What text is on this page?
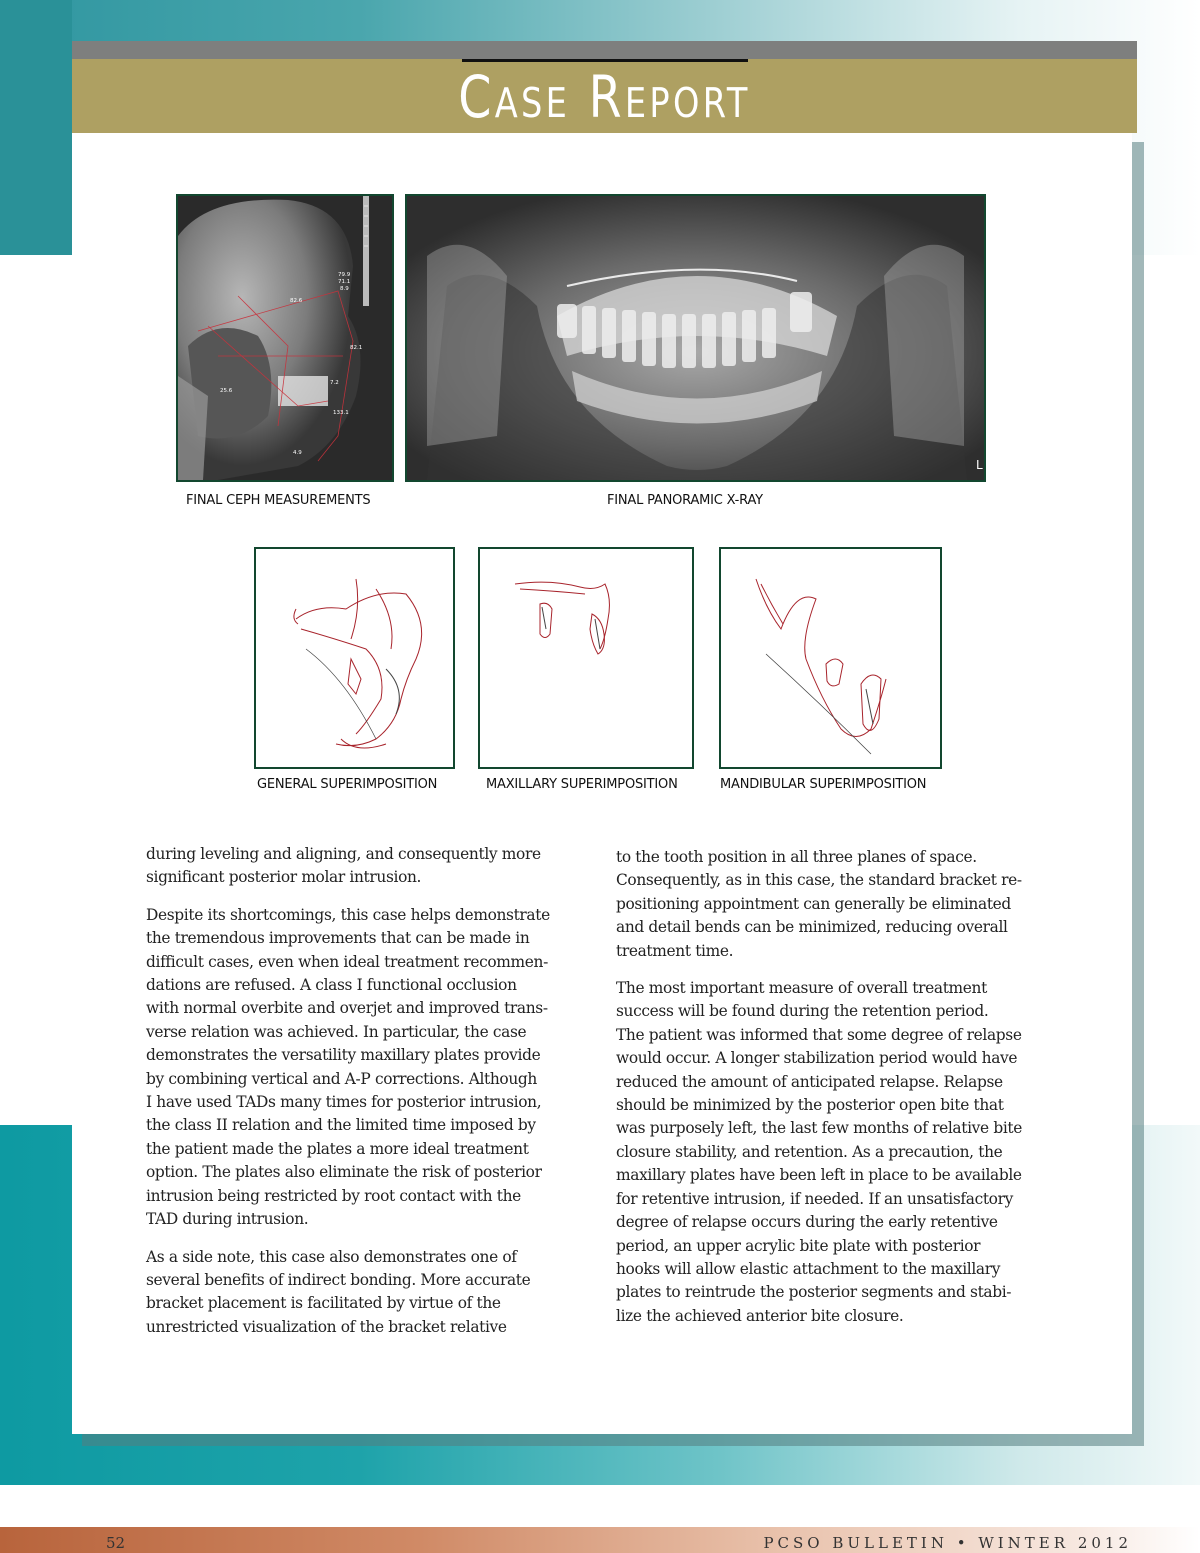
Case Report
79.9
71.1
8.9
82.6
82.1
7.2
133.1
25.6
4.9
L
FINAL CEPH MEASUREMENTS	FINAL PANORAMIC X-RAY
GENERAL SUPERIMPOSITION	MAXILLARY SUPERIMPOSITION	MANDIBULAR SUPERIMPOSITION

during leveling and aligning, and consequently more
significant posterior molar intrusion.

Despite its shortcomings, this case helps demonstrate
the tremendous improvements that can be made in
difficult cases, even when ideal treatment recommen-
dations are refused. A class I functional occlusion
with normal overbite and overjet and improved trans-
verse relation was achieved. In particular, the case
demonstrates the versatility maxillary plates provide
by combining vertical and A-P corrections. Although
I have used TADs many times for posterior intrusion,
the class II relation and the limited time imposed by
the patient made the plates a more ideal treatment
option. The plates also eliminate the risk of posterior
intrusion being restricted by root contact with the
TAD during intrusion.

As a side note, this case also demonstrates one of
several benefits of indirect bonding. More accurate
bracket placement is facilitated by virtue of the
unrestricted visualization of the bracket relative

to the tooth position in all three planes of space.
Consequently, as in this case, the standard bracket re-
positioning appointment can generally be eliminated
and detail bends can be minimized, reducing overall
treatment time.

The most important measure of overall treatment
success will be found during the retention period.
The patient was informed that some degree of relapse
would occur. A longer stabilization period would have
reduced the amount of anticipated relapse. Relapse
should be minimized by the posterior open bite that
was purposely left, the last few months of relative bite
closure stability, and retention. As a precaution, the
maxillary plates have been left in place to be available
for retentive intrusion, if needed. If an unsatisfactory
degree of relapse occurs during the early retentive
period, an upper acrylic bite plate with posterior
hooks will allow elastic attachment to the maxillary
plates to reintrude the posterior segments and stabi-
lize the achieved anterior bite closure.

52	PCSO BULLETIN • WINTER 2012
